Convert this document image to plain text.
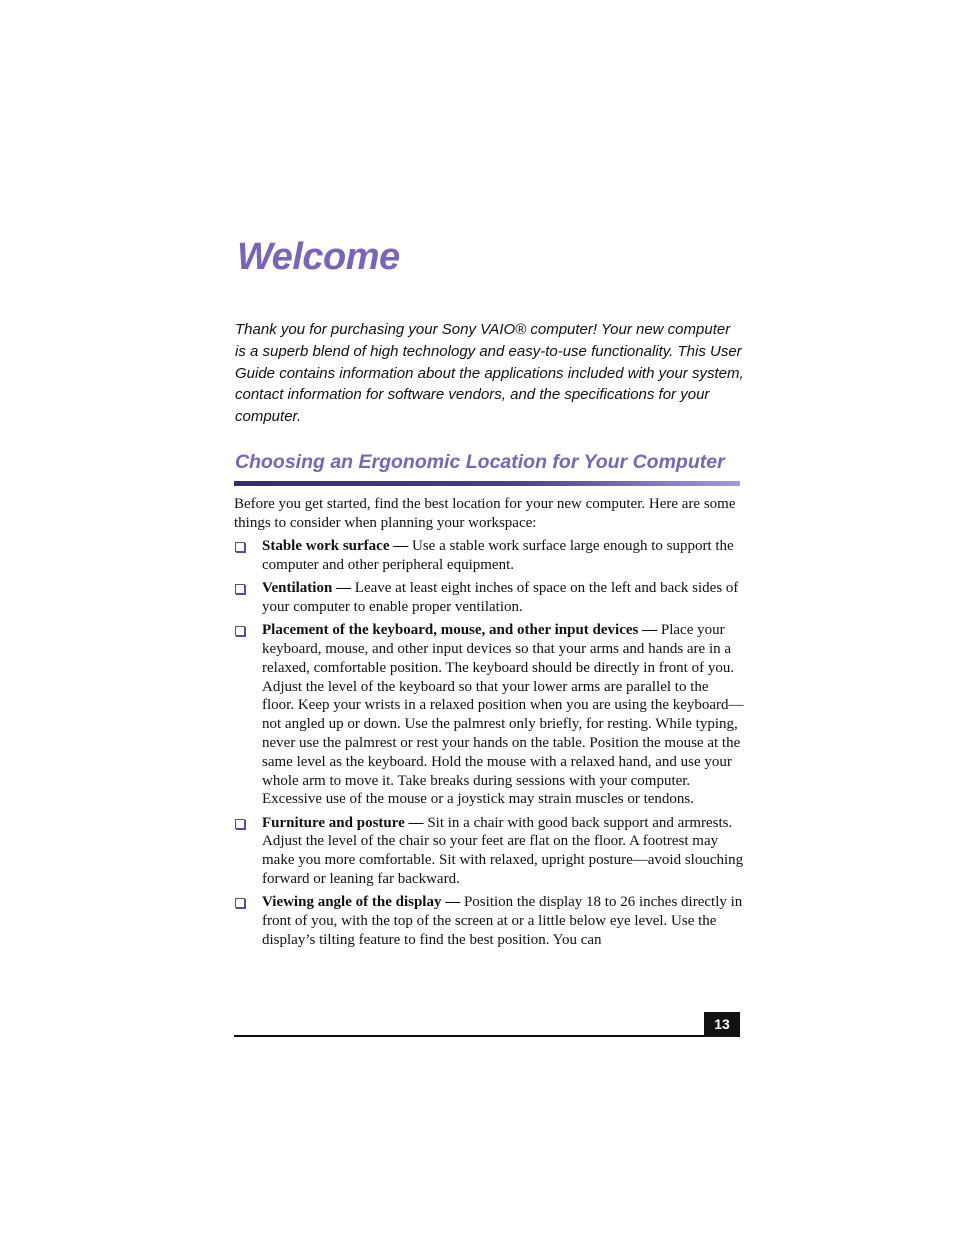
Welcome

Thank you for purchasing your Sony VAIO® computer! Your new computer is a superb blend of high technology and easy-to-use functionality. This User Guide contains information about the applications included with your system, contact information for software vendors, and the specifications for your computer.

Choosing an Ergonomic Location for Your Computer

Before you get started, find the best location for your new computer. Here are some things to consider when planning your workspace:

Stable work surface — Use a stable work surface large enough to support the computer and other peripheral equipment.
Ventilation — Leave at least eight inches of space on the left and back sides of your computer to enable proper ventilation.
Placement of the keyboard, mouse, and other input devices — Place your keyboard, mouse, and other input devices so that your arms and hands are in a relaxed, comfortable position. The keyboard should be directly in front of you. Adjust the level of the keyboard so that your lower arms are parallel to the floor. Keep your wrists in a relaxed position when you are using the keyboard—not angled up or down. Use the palmrest only briefly, for resting. While typing, never use the palmrest or rest your hands on the table. Position the mouse at the same level as the keyboard. Hold the mouse with a relaxed hand, and use your whole arm to move it. Take breaks during sessions with your computer. Excessive use of the mouse or a joystick may strain muscles or tendons.
Furniture and posture — Sit in a chair with good back support and armrests. Adjust the level of the chair so your feet are flat on the floor. A footrest may make you more comfortable. Sit with relaxed, upright posture—avoid slouching forward or leaning far backward.
Viewing angle of the display — Position the display 18 to 26 inches directly in front of you, with the top of the screen at or a little below eye level. Use the display’s tilting feature to find the best position. You can
13
